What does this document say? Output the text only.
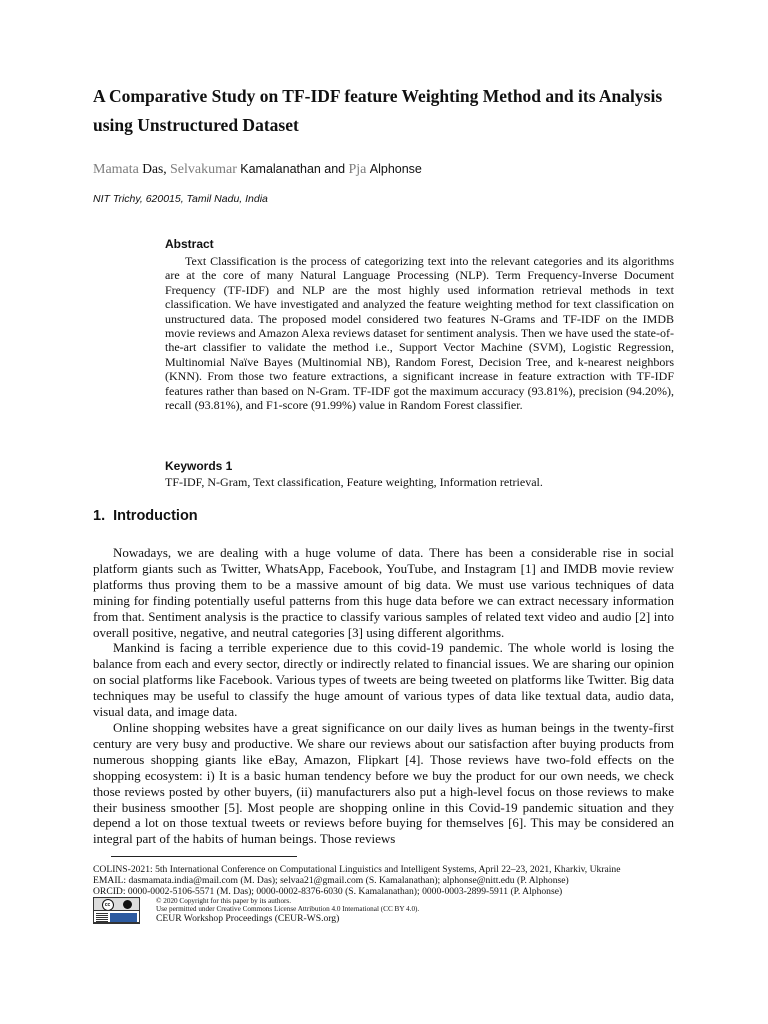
A Comparative Study on TF-IDF feature Weighting Method and its Analysis using Unstructured Dataset
Mamata Das, Selvakumar Kamalanathan and Pja Alphonse
NIT Trichy, 620015, Tamil Nadu, India
Abstract

Text Classification is the process of categorizing text into the relevant categories and its algorithms are at the core of many Natural Language Processing (NLP). Term Frequency-Inverse Document Frequency (TF-IDF) and NLP are the most highly used information retrieval methods in text classification. We have investigated and analyzed the feature weighting method for text classification on unstructured data. The proposed model considered two features N-Grams and TF-IDF on the IMDB movie reviews and Amazon Alexa reviews dataset for sentiment analysis. Then we have used the state-of-the-art classifier to validate the method i.e., Support Vector Machine (SVM), Logistic Regression, Multinomial Naïve Bayes (Multinomial NB), Random Forest, Decision Tree, and k-nearest neighbors (KNN). From those two feature extractions, a significant increase in feature extraction with TF-IDF features rather than based on N-Gram. TF-IDF got the maximum accuracy (93.81%), precision (94.20%), recall (93.81%), and F1-score (91.99%) value in Random Forest classifier.

Keywords 1

TF-IDF, N-Gram, Text classification, Feature weighting, Information retrieval.

1. Introduction

Nowadays, we are dealing with a huge volume of data. There has been a considerable rise in social platform giants such as Twitter, WhatsApp, Facebook, YouTube, and Instagram [1] and IMDB movie review platforms thus proving them to be a massive amount of big data. We must use various techniques of data mining for finding potentially useful patterns from this huge data before we can extract necessary information from that. Sentiment analysis is the practice to classify various samples of related text video and audio [2] into overall positive, negative, and neutral categories [3] using different algorithms.

Mankind is facing a terrible experience due to this covid-19 pandemic. The whole world is losing the balance from each and every sector, directly or indirectly related to financial issues. We are sharing our opinion on social platforms like Facebook. Various types of tweets are being tweeted on platforms like Twitter. Big data techniques may be useful to classify the huge amount of various types of data like textual data, audio data, visual data, and image data.

Online shopping websites have a great significance on our daily lives as human beings in the twenty-first century are very busy and productive. We share our reviews about our satisfaction after buying products from numerous shopping giants like eBay, Amazon, Flipkart [4]. Those reviews have two-fold effects on the shopping ecosystem: i) It is a basic human tendency before we buy the product for our own needs, we check those reviews posted by other buyers, (ii) manufacturers also put a high-level focus on those reviews to make their business smoother [5]. Most people are shopping online in this Covid-19 pandemic situation and they depend a lot on those textual tweets or reviews before buying for themselves [6]. This may be considered an integral part of the habits of human beings. Those reviews

COLINS-2021: 5th International Conference on Computational Linguistics and Intelligent Systems, April 22–23, 2021, Kharkiv, Ukraine
EMAIL: dasmamata.india@mail.com (M. Das); selvaa21@gmail.com (S. Kamalanathan); alphonse@nitt.edu (P. Alphonse)
ORCID: 0000-0002-5106-5571 (M. Das); 0000-0002-8376-6030 (S. Kamalanathan); 0000-0003-2899-5911 (P. Alphonse)
cc	© 2020 Copyright for this paper by its authors.
Use permitted under Creative Commons License Attribution 4.0 International (CC BY 4.0).
CEUR Workshop Proceedings (CEUR-WS.org)
